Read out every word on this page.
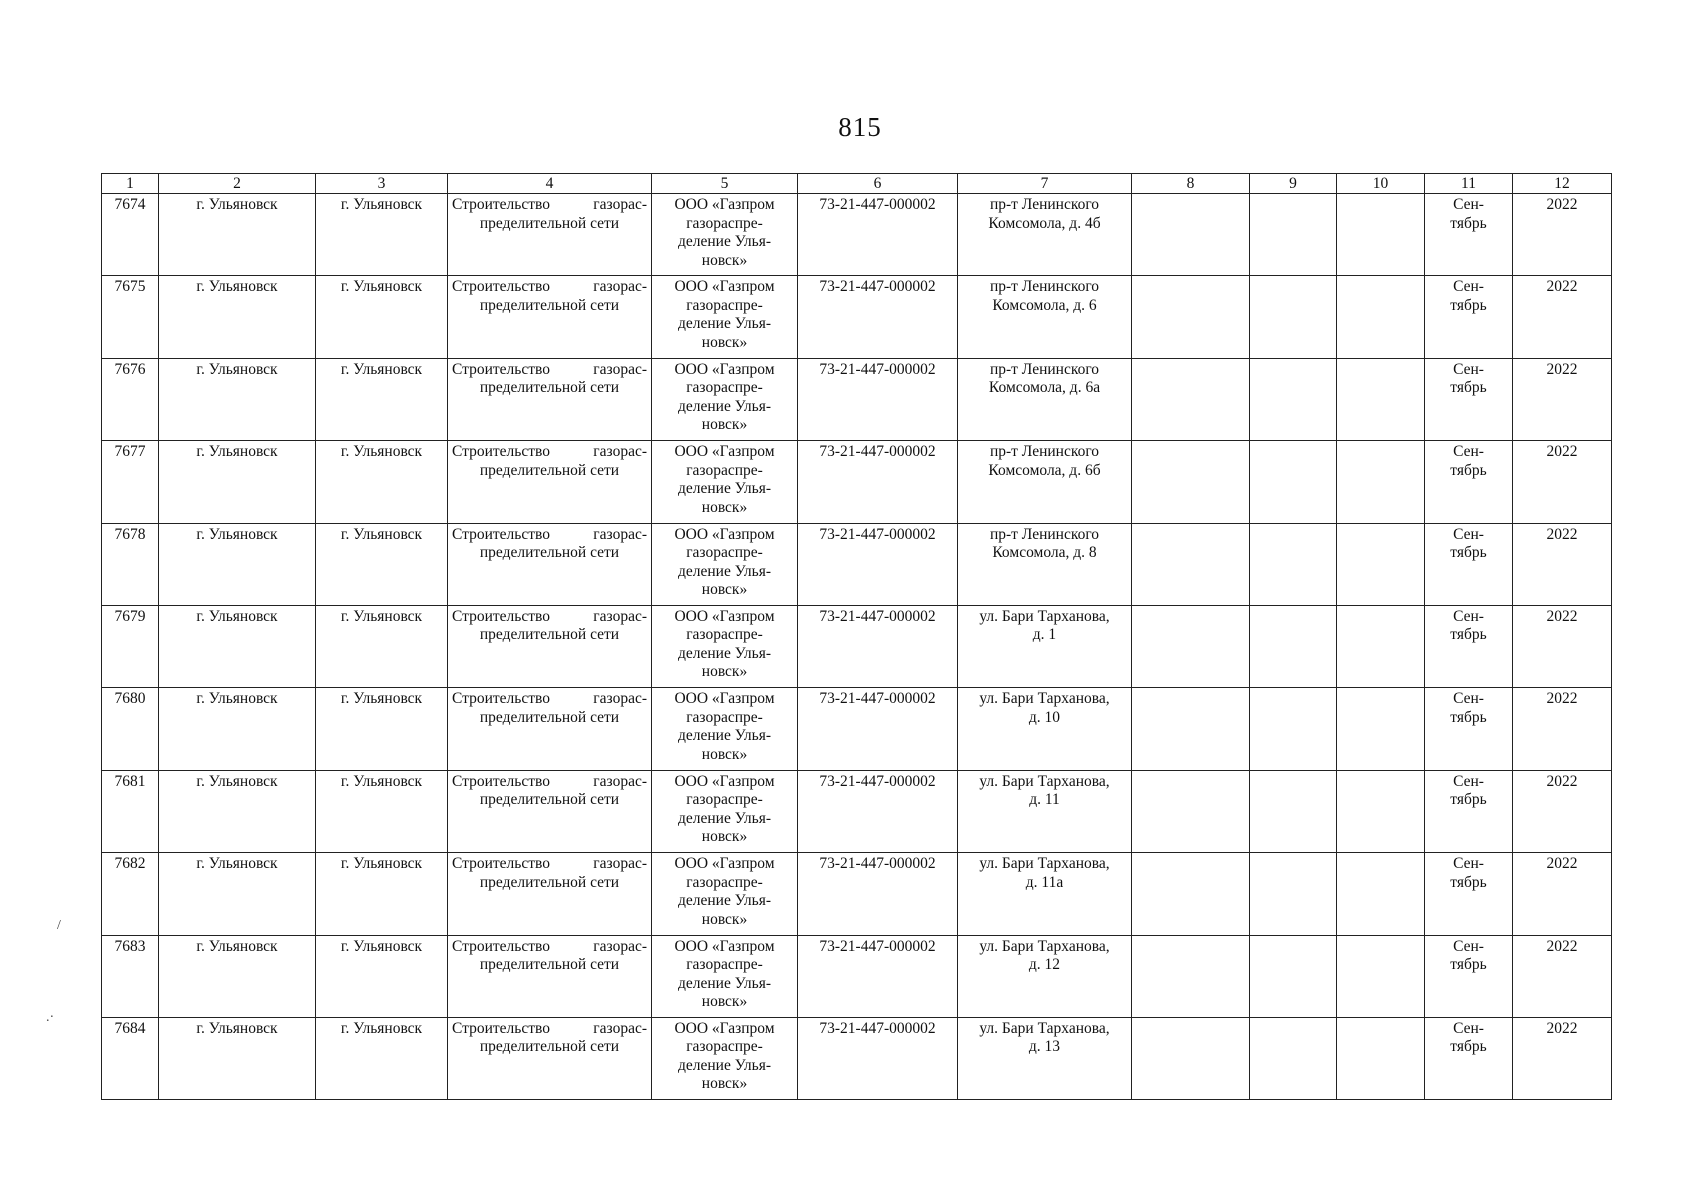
815
1	2	3	4	5	6	7	8	9	10	11	12

7674	г. Ульяновск	г. Ульяновск	Строительство газорас-
пределительной сети	ООО «Газпром
газораспре-
деление Улья-
новск»	73-21-447-000002	пр-т Ленинского
Комсомола, д. 4б				Сен-
тябрь	2022

7675	г. Ульяновск	г. Ульяновск	Строительство газорас-
пределительной сети	ООО «Газпром
газораспре-
деление Улья-
новск»	73-21-447-000002	пр-т Ленинского
Комсомола, д. 6				Сен-
тябрь	2022

7676	г. Ульяновск	г. Ульяновск	Строительство газорас-
пределительной сети	ООО «Газпром
газораспре-
деление Улья-
новск»	73-21-447-000002	пр-т Ленинского
Комсомола, д. 6а				Сен-
тябрь	2022

7677	г. Ульяновск	г. Ульяновск	Строительство газорас-
пределительной сети	ООО «Газпром
газораспре-
деление Улья-
новск»	73-21-447-000002	пр-т Ленинского
Комсомола, д. 6б				Сен-
тябрь	2022

7678	г. Ульяновск	г. Ульяновск	Строительство газорас-
пределительной сети	ООО «Газпром
газораспре-
деление Улья-
новск»	73-21-447-000002	пр-т Ленинского
Комсомола, д. 8				Сен-
тябрь	2022

7679	г. Ульяновск	г. Ульяновск	Строительство газорас-
пределительной сети	ООО «Газпром
газораспре-
деление Улья-
новск»	73-21-447-000002	ул. Бари Тарханова,
д. 1				Сен-
тябрь	2022

7680	г. Ульяновск	г. Ульяновск	Строительство газорас-
пределительной сети	ООО «Газпром
газораспре-
деление Улья-
новск»	73-21-447-000002	ул. Бари Тарханова,
д. 10				Сен-
тябрь	2022

7681	г. Ульяновск	г. Ульяновск	Строительство газорас-
пределительной сети	ООО «Газпром
газораспре-
деление Улья-
новск»	73-21-447-000002	ул. Бари Тарханова,
д. 11				Сен-
тябрь	2022

7682	г. Ульяновск	г. Ульяновск	Строительство газорас-
пределительной сети	ООО «Газпром
газораспре-
деление Улья-
новск»	73-21-447-000002	ул. Бари Тарханова,
д. 11а				Сен-
тябрь	2022

7683	г. Ульяновск	г. Ульяновск	Строительство газорас-
пределительной сети	ООО «Газпром
газораспре-
деление Улья-
новск»	73-21-447-000002	ул. Бари Тарханова,
д. 12				Сен-
тябрь	2022

7684	г. Ульяновск	г. Ульяновск	Строительство газорас-
пределительной сети	ООО «Газпром
газораспре-
деление Улья-
новск»	73-21-447-000002	ул. Бари Тарханова,
д. 13				Сен-
тябрь	2022
/
.·
